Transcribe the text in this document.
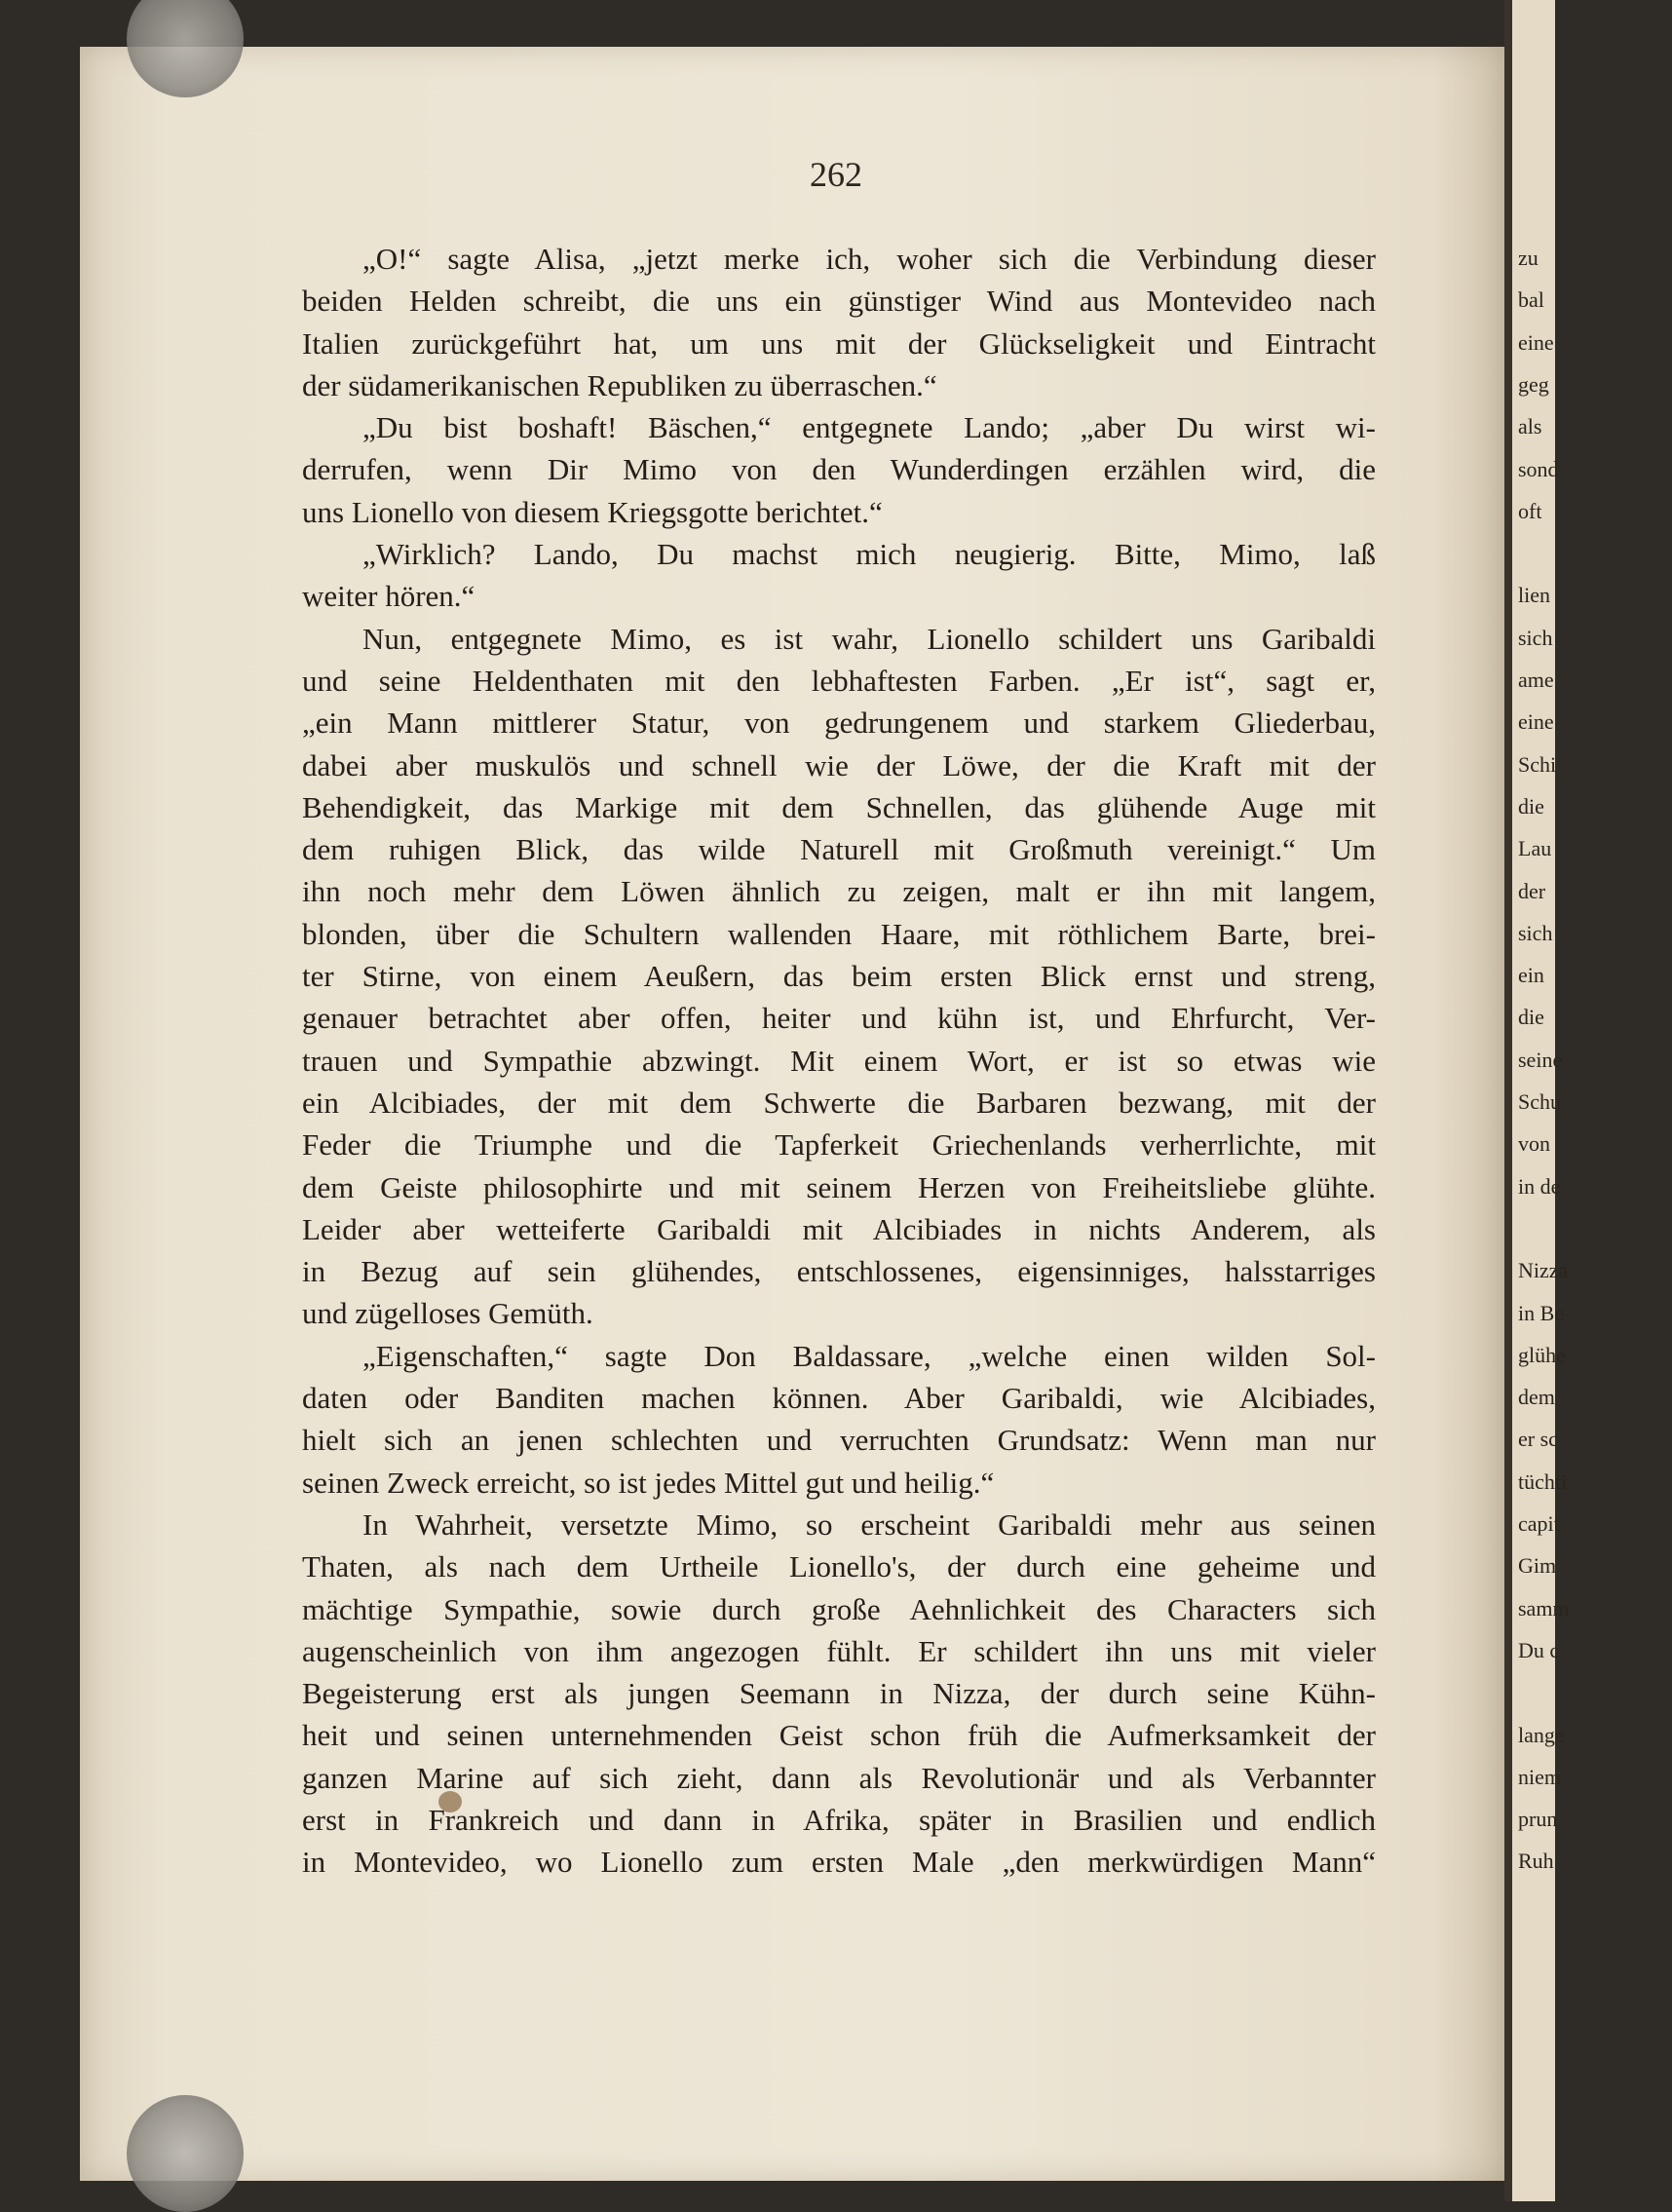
zu
bal
eine
geg
als
sond
oft
lien
sich
ame
eine
Schi
die
Lau
der
sich
ein
die
seine
Schu
von
in de
Nizza
in Be
glühe
dem
er sc
tüchti
capit
Gim
samm
Du c
lange
niem
prun
Ruh
262
„O!“ sagte Alisa, „jetzt merke ich, woher sich die Verbindung dieser
beiden Helden schreibt, die uns ein günstiger Wind aus Montevideo nach
Italien zurückgeführt hat, um uns mit der Glückseligkeit und Eintracht
der südamerikanischen Republiken zu überraschen.“
„Du bist boshaft! Bäschen,“ entgegnete Lando; „aber Du wirst wi-
derrufen, wenn Dir Mimo von den Wunderdingen erzählen wird, die
uns Lionello von diesem Kriegsgotte berichtet.“
„Wirklich? Lando, Du machst mich neugierig. Bitte, Mimo, laß
weiter hören.“
Nun, entgegnete Mimo, es ist wahr, Lionello schildert uns Garibaldi
und seine Heldenthaten mit den lebhaftesten Farben. „Er ist“, sagt er,
„ein Mann mittlerer Statur, von gedrungenem und starkem Gliederbau,
dabei aber muskulös und schnell wie der Löwe, der die Kraft mit der
Behendigkeit, das Markige mit dem Schnellen, das glühende Auge mit
dem ruhigen Blick, das wilde Naturell mit Großmuth vereinigt.“ Um
ihn noch mehr dem Löwen ähnlich zu zeigen, malt er ihn mit langem,
blonden, über die Schultern wallenden Haare, mit röthlichem Barte, brei-
ter Stirne, von einem Aeußern, das beim ersten Blick ernst und streng,
genauer betrachtet aber offen, heiter und kühn ist, und Ehrfurcht, Ver-
trauen und Sympathie abzwingt. Mit einem Wort, er ist so etwas wie
ein Alcibiades, der mit dem Schwerte die Barbaren bezwang, mit der
Feder die Triumphe und die Tapferkeit Griechenlands verherrlichte, mit
dem Geiste philosophirte und mit seinem Herzen von Freiheitsliebe glühte.
Leider aber wetteiferte Garibaldi mit Alcibiades in nichts Anderem, als
in Bezug auf sein glühendes, entschlossenes, eigensinniges, halsstarriges
und zügelloses Gemüth.
„Eigenschaften,“ sagte Don Baldassare, „welche einen wilden Sol-
daten oder Banditen machen können. Aber Garibaldi, wie Alcibiades,
hielt sich an jenen schlechten und verruchten Grundsatz: Wenn man nur
seinen Zweck erreicht, so ist jedes Mittel gut und heilig.“
In Wahrheit, versetzte Mimo, so erscheint Garibaldi mehr aus seinen
Thaten, als nach dem Urtheile Lionello's, der durch eine geheime und
mächtige Sympathie, sowie durch große Aehnlichkeit des Characters sich
augenscheinlich von ihm angezogen fühlt. Er schildert ihn uns mit vieler
Begeisterung erst als jungen Seemann in Nizza, der durch seine Kühn-
heit und seinen unternehmenden Geist schon früh die Aufmerksamkeit der
ganzen Marine auf sich zieht, dann als Revolutionär und als Verbannter
erst in Frankreich und dann in Afrika, später in Brasilien und endlich
in Montevideo, wo Lionello zum ersten Male „den merkwürdigen Mann“
